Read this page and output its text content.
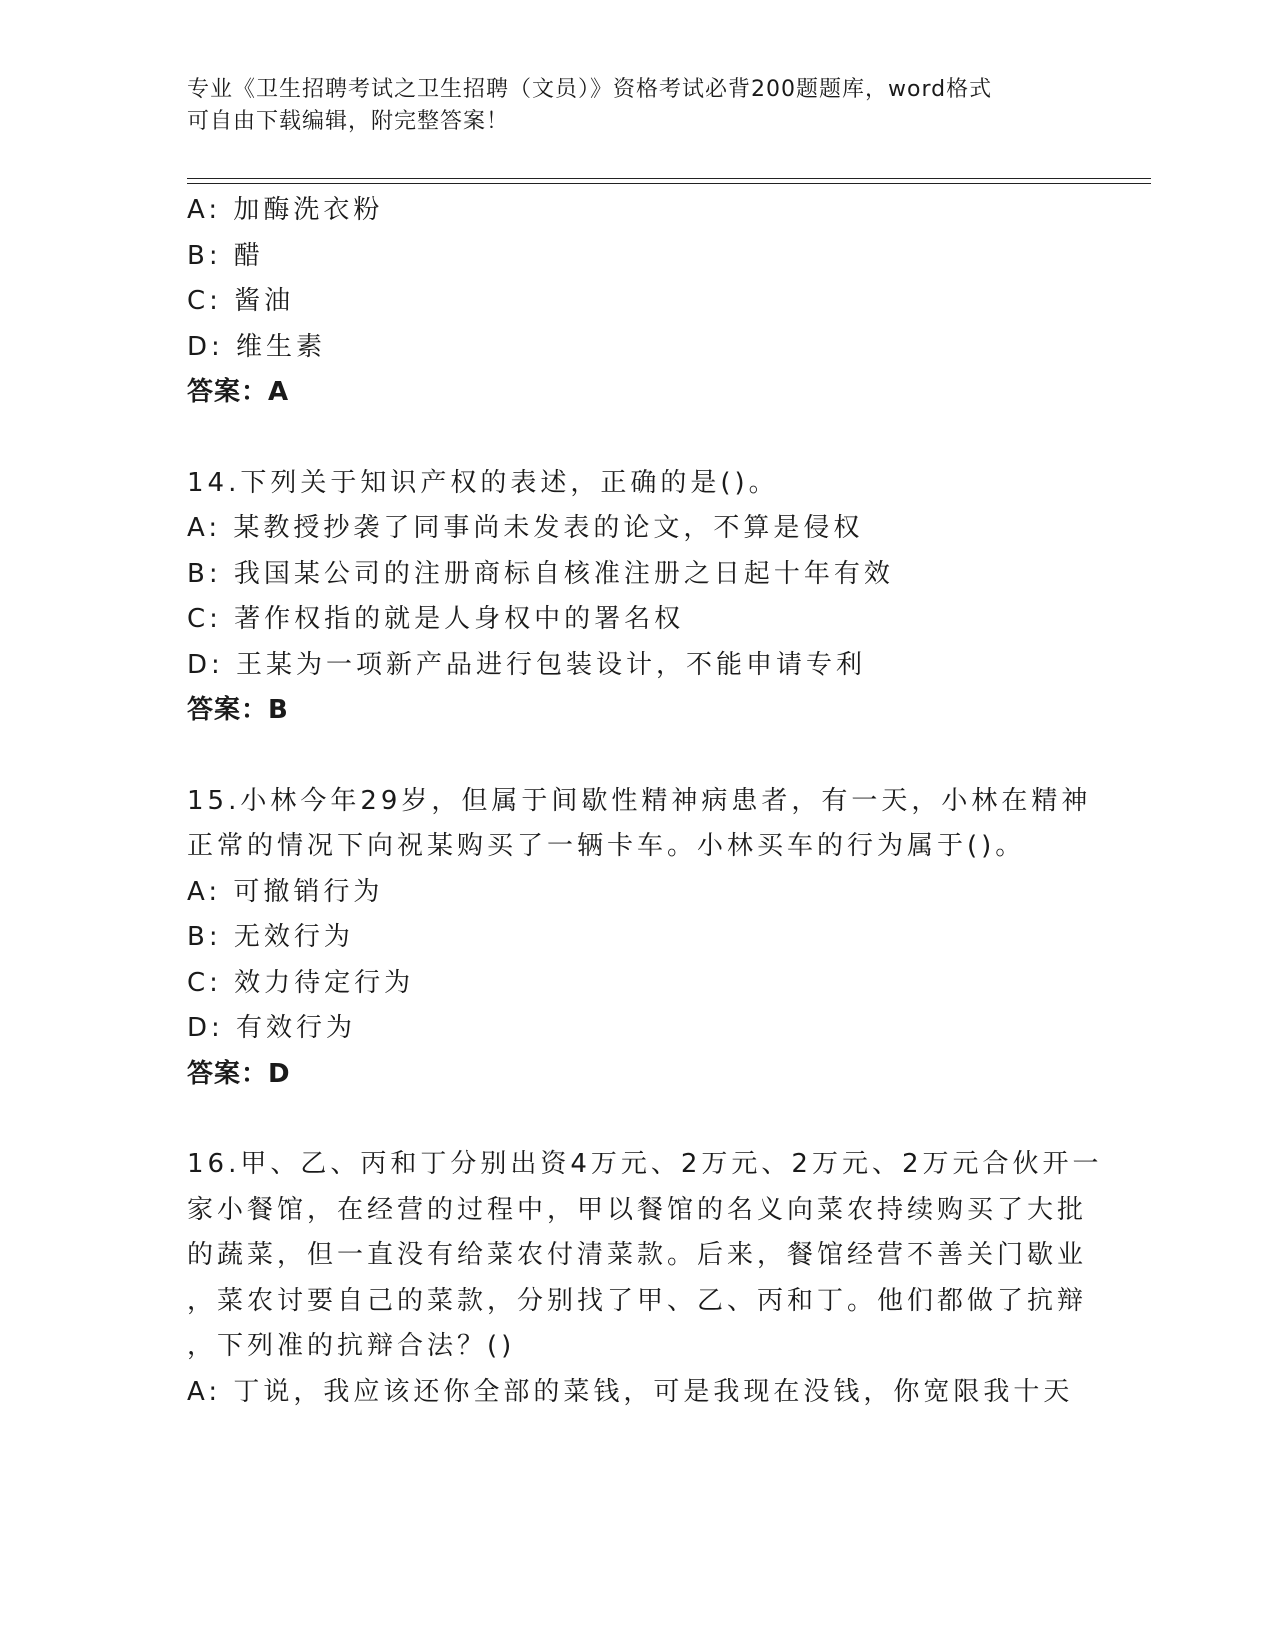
专业《卫生招聘考试之卫生招聘（文员）》资格考试必背200题题库，word格式
可自由下载编辑，附完整答案！
A: 加酶洗衣粉
B: 醋
C: 酱油
D: 维生素
答案：A
14.下列关于知识产权的表述，正确的是()。
A: 某教授抄袭了同事尚未发表的论文，不算是侵权
B: 我国某公司的注册商标自核准注册之日起十年有效
C: 著作权指的就是人身权中的署名权
D: 王某为一项新产品进行包装设计，不能申请专利
答案：B
15.小林今年29岁，但属于间歇性精神病患者，有一天，小林在精神
正常的情况下向祝某购买了一辆卡车。小林买车的行为属于()。
A: 可撤销行为
B: 无效行为
C: 效力待定行为
D: 有效行为
答案：D
16.甲、乙、丙和丁分别出资4万元、2万元、2万元、2万元合伙开一
家小餐馆，在经营的过程中，甲以餐馆的名义向菜农持续购买了大批
的蔬菜，但一直没有给菜农付清菜款。后来，餐馆经营不善关门歇业
，菜农讨要自己的菜款，分别找了甲、乙、丙和丁。他们都做了抗辩
，下列准的抗辩合法？()
A: 丁说，我应该还你全部的菜钱，可是我现在没钱，你宽限我十天
